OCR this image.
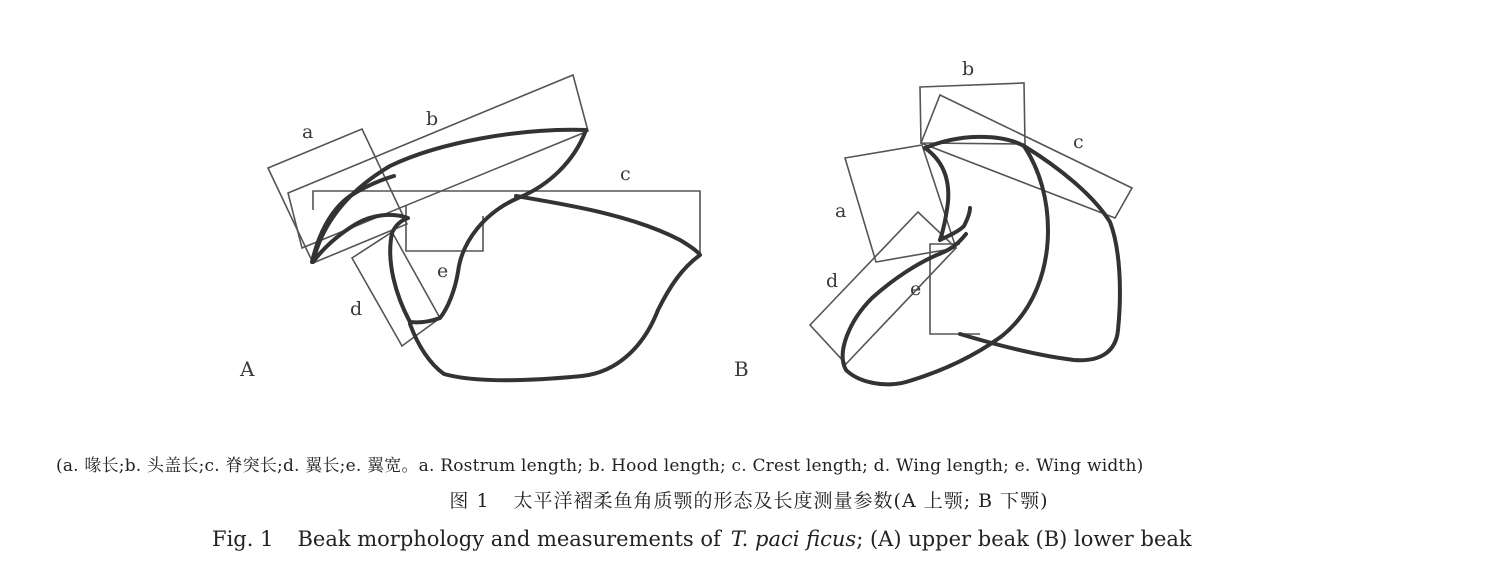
a
b
c
d
e
A
a
b
c
d	e
B
(a. 喙长;b. 头盖长;c. 脊突长;d. 翼长;e. 翼宽。a. Rostrum length; b. Hood length; c. Crest length; d. Wing length; e. Wing width)
图 1 太平洋褶柔鱼角质颚的形态及长度测量参数(A 上颚; B 下颚)
Fig. 1 Beak morphology and measurements of T. paci ficus; (A) upper beak (B) lower beak
